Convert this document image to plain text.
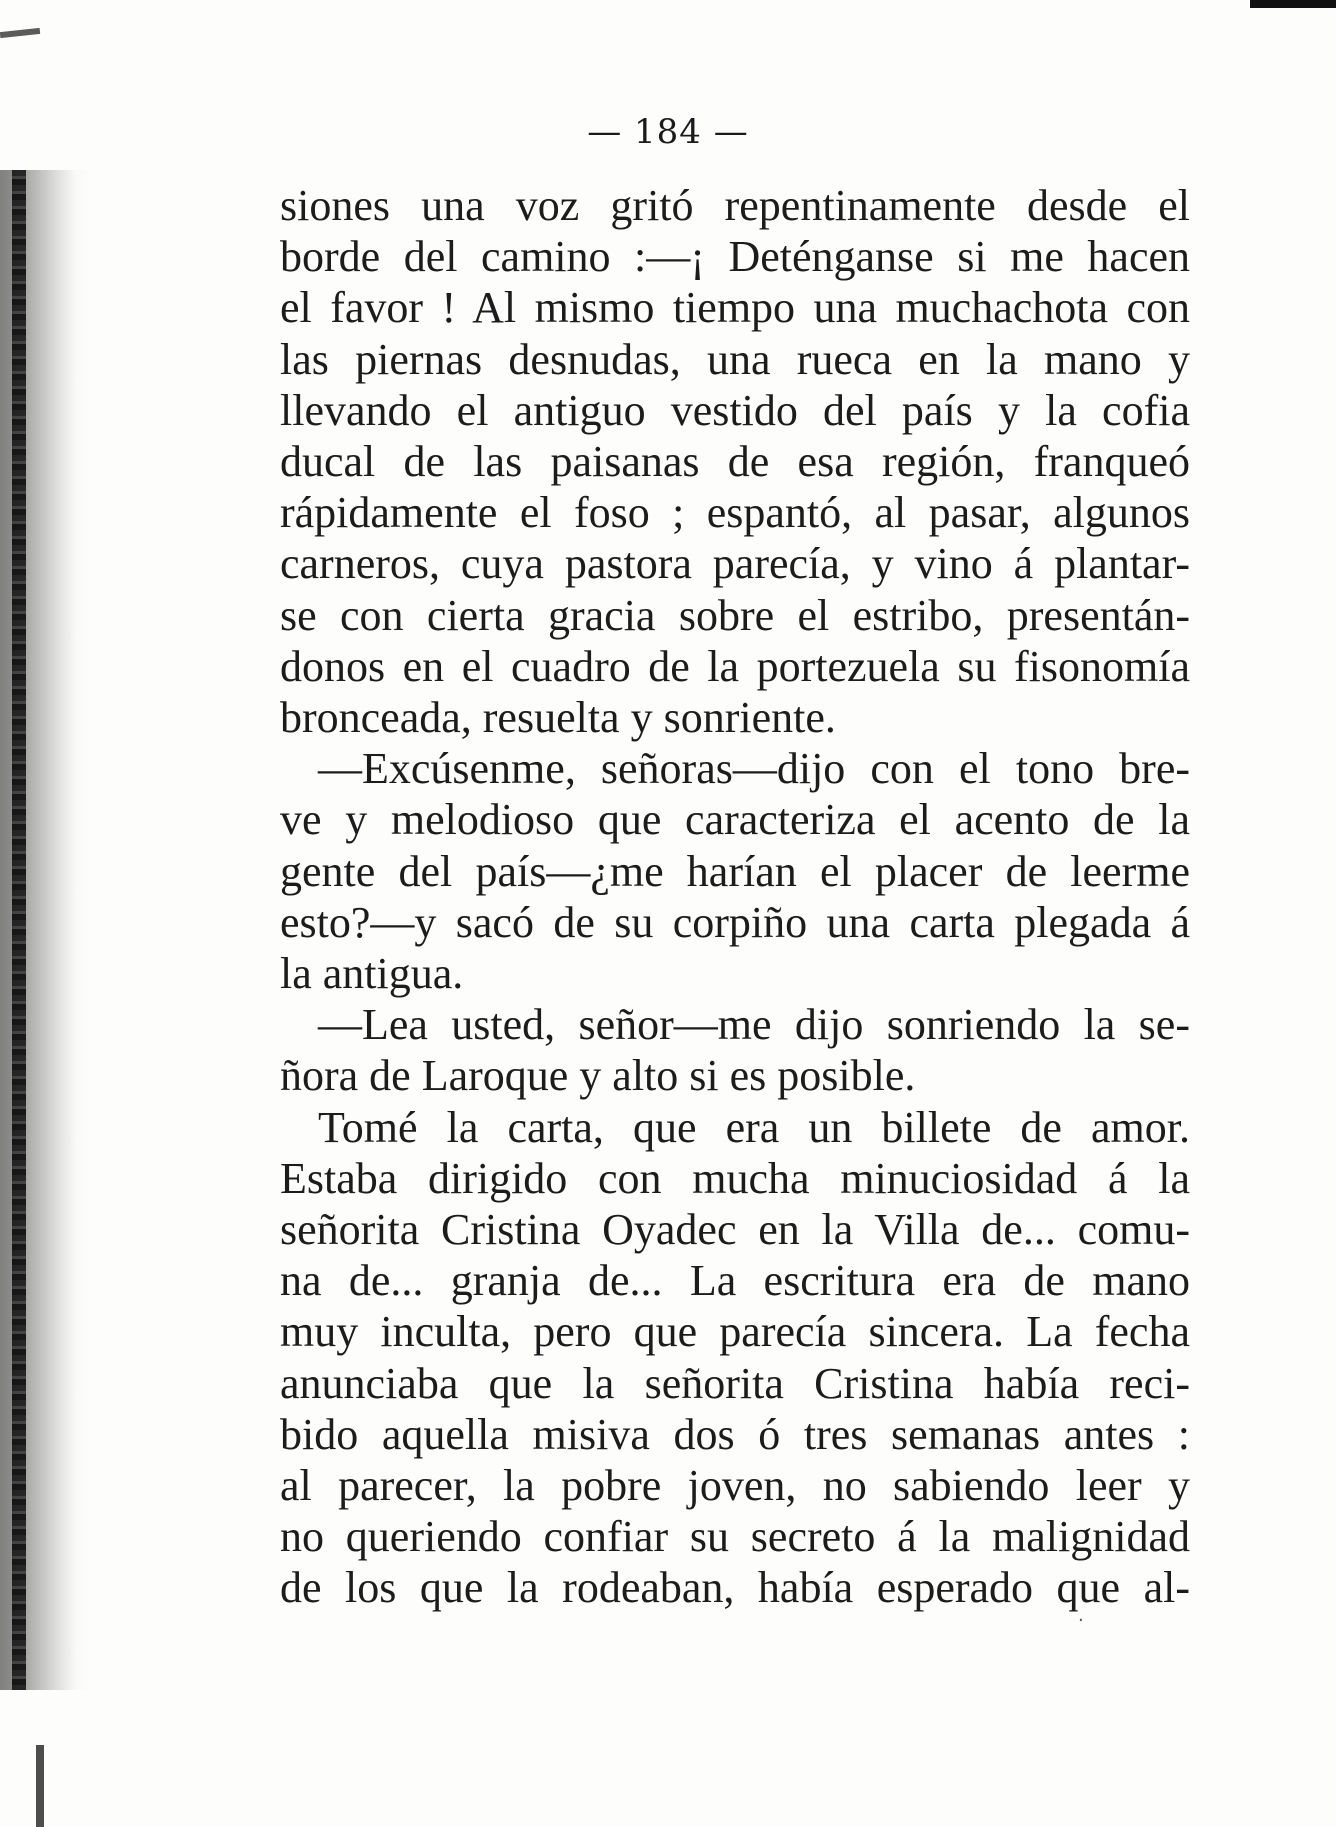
— 184 —
siones una voz gritó repentinamente desde el
borde del camino :—¡ Deténganse si me hacen
el favor ! Al mismo tiempo una muchachota con
las piernas desnudas, una rueca en la mano y
llevando el antiguo vestido del país y la cofia
ducal de las paisanas de esa región, franqueó
rápidamente el foso ; espantó, al pasar, algunos
carneros, cuya pastora parecía, y vino á plantar-
se con cierta gracia sobre el estribo, presentán-
donos en el cuadro de la portezuela su fisonomía
bronceada, resuelta y sonriente.
—Excúsenme, señoras—dijo con el tono bre-
ve y melodioso que caracteriza el acento de la
gente del país—¿me harían el placer de leerme
esto?—y sacó de su corpiño una carta plegada á
la antigua.
—Lea usted, señor—me dijo sonriendo la se-
ñora de Laroque y alto si es posible.
Tomé la carta, que era un billete de amor.
Estaba dirigido con mucha minuciosidad á la
señorita Cristina Oyadec en la Villa de... comu-
na de... granja de... La escritura era de mano
muy inculta, pero que parecía sincera. La fecha
anunciaba que la señorita Cristina había reci-
bido aquella misiva dos ó tres semanas antes :
al parecer, la pobre joven, no sabiendo leer y
no queriendo confiar su secreto á la malignidad
de los que la rodeaban, había esperado que al-
·
